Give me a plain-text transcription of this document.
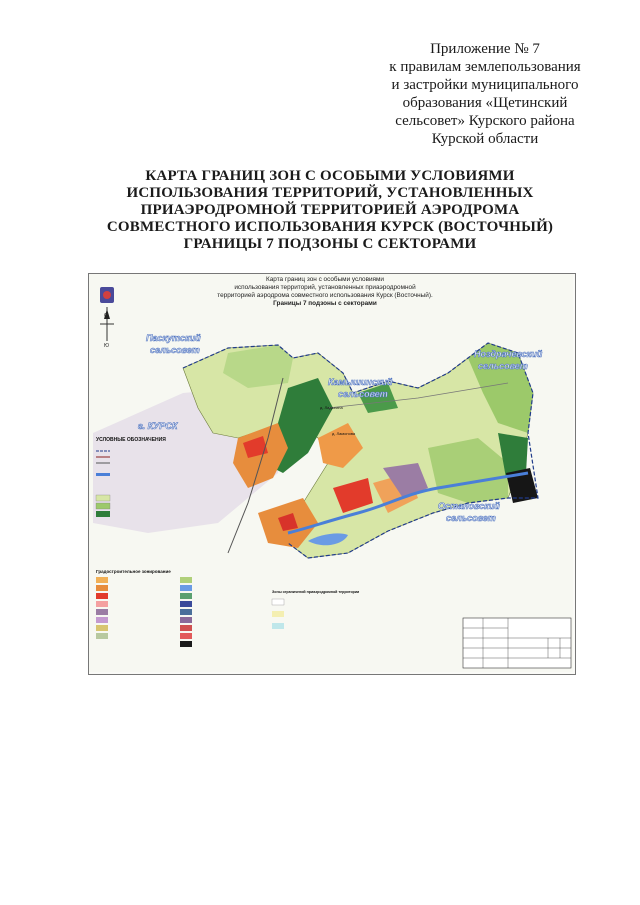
Приложение № 7
к правилам землепользования
и застройки муниципального
образования «Щетинский
сельсовет» Курского района
Курской области
КАРТА ГРАНИЦ ЗОН С ОСОБЫМИ УСЛОВИЯМИ
ИСПОЛЬЗОВАНИЯ ТЕРРИТОРИЙ, УСТАНОВЛЕННЫХ
ПРИАЭРОДРОМНОЙ ТЕРРИТОРИЕЙ АЭРОДРОМА
СОВМЕСТНОГО ИСПОЛЬЗОВАНИЯ КУРСК (ВОСТОЧНЫЙ)
ГРАНИЦЫ 7 ПОДЗОНЫ С СЕКТОРАМИ
С
Ю
Паскутский
сельсовет
Камышинский
сельсовет
Ноздрачевский
сельсовет
г. КУРСК
Остановский
сельсовет
д. Ладыгина
д. Ламонова
УСЛОВНЫЕ ОБОЗНАЧЕНИЯ
Градостроительное зонирование
Зоны ограничений приаэродромной территории
Карта границ зон с особыми условиями
использования территорий, установленных приаэродромной
территорией аэродрома совместного использования Курск (Восточный).
Границы 7 подзоны с секторами
